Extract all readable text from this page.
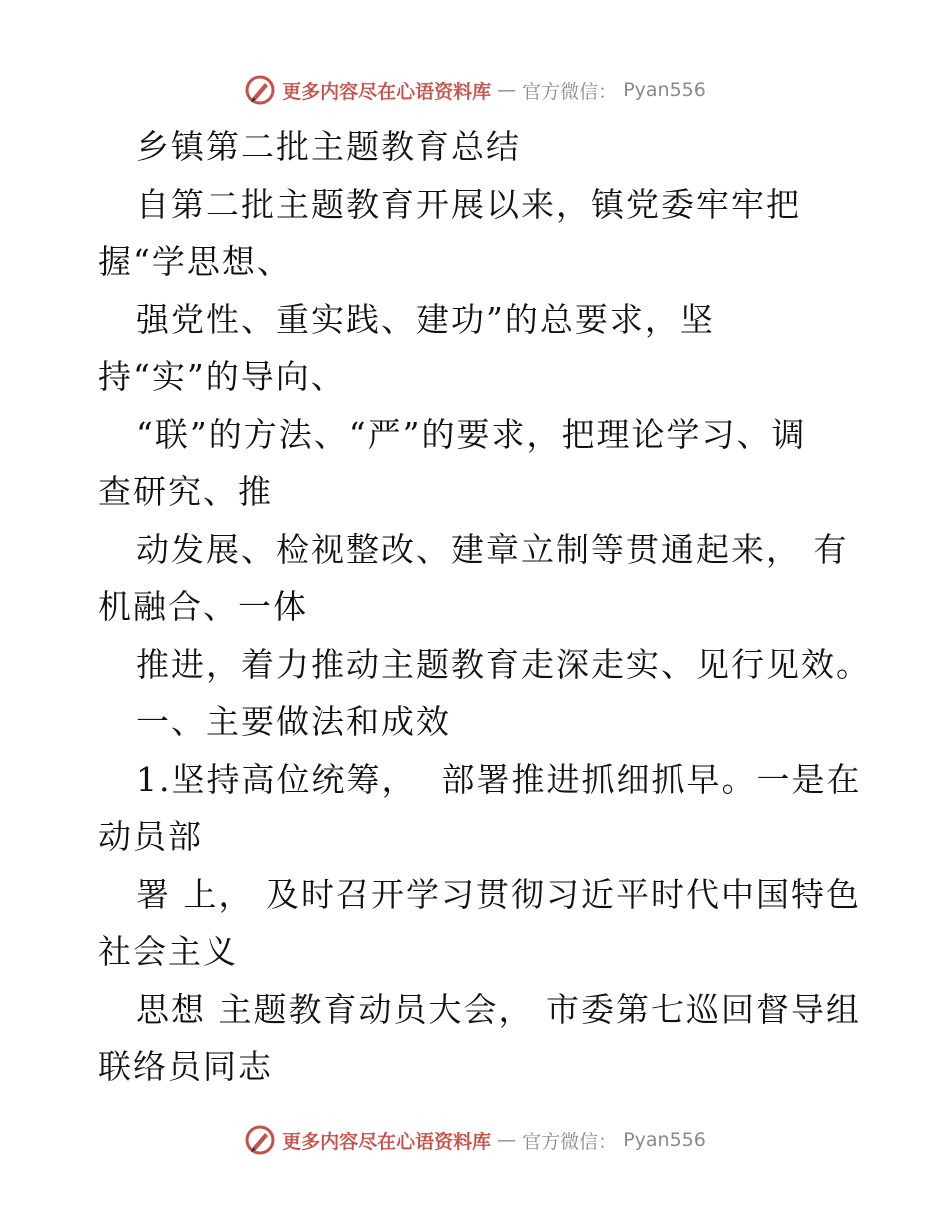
更多内容尽在心语资料库 — 官方微信： Pyan556
乡镇第二批主题教育总结
自第二批主题教育开展以来，镇党委牢牢把
握“学思想、
强党性、重实践、建功”的总要求，坚
持“实”的导向、
“联”的方法、“严”的要求，把理论学习、调
查研究、推
动发展、检视整改、建章立制等贯通起来， 有
机融合、一体
推进，着力推动主题教育走深走实、见行见效。
一、主要做法和成效
1.坚持高位统筹，  部署推进抓细抓早。一是在
动员部
署 上， 及时召开学习贯彻习近平时代中国特色
社会主义
思想 主题教育动员大会， 市委第七巡回督导组
联络员同志
更多内容尽在心语资料库 — 官方微信： Pyan556
